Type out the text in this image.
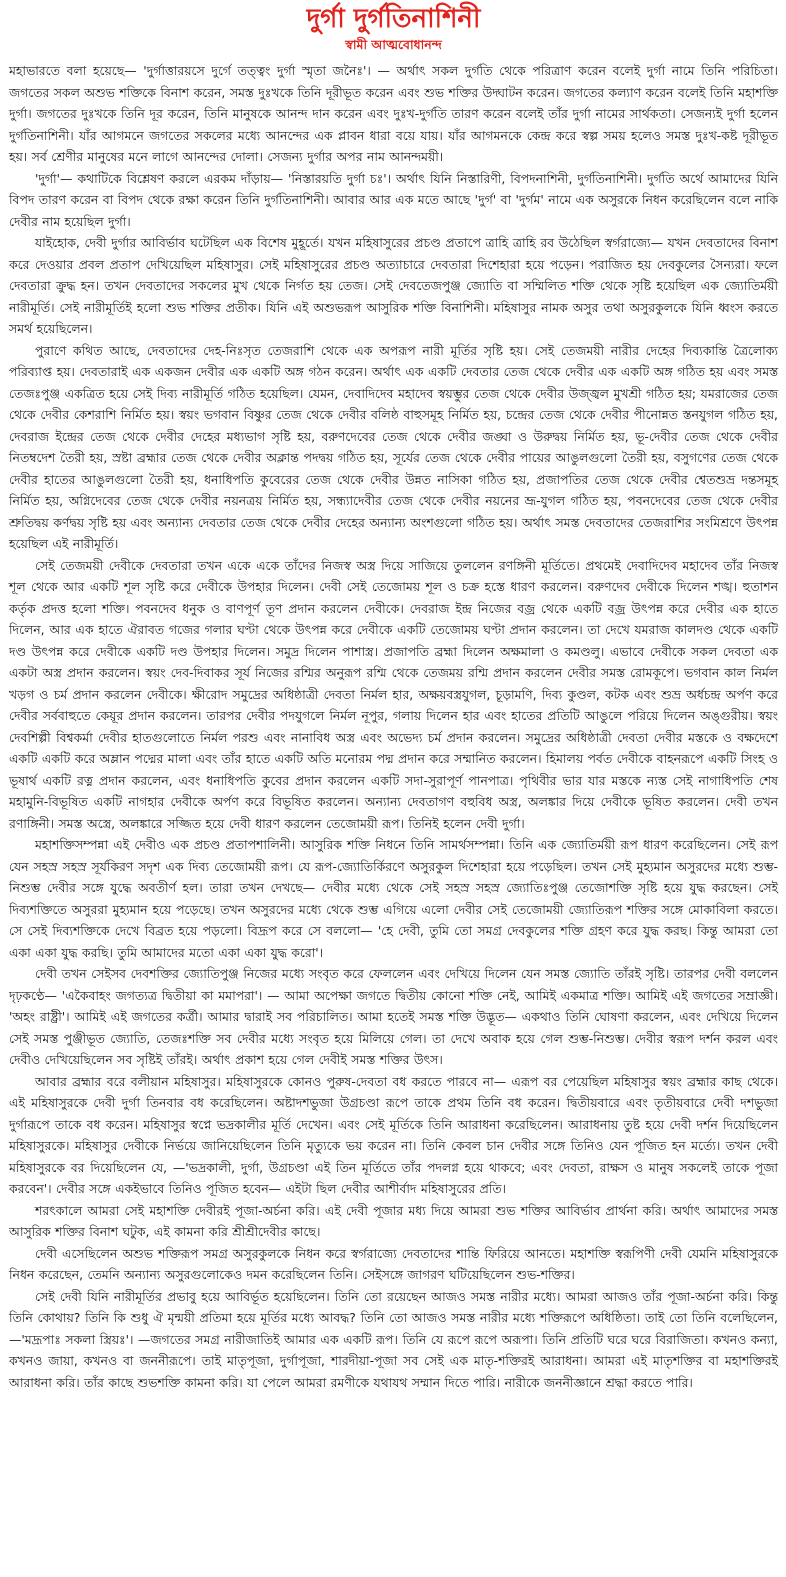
দুর্গা দুর্গতিনাশিনী
স্বামী আত্মবোধানন্দ

মহাভারতে বলা হয়েছে— 'দুর্গাত্তারয়সে দুর্গে তত্ত্বং দুর্গা স্মৃতা জনৈঃ'। — অর্থাৎ সকল দুর্গতি থেকে পরিত্রাণ করেন বলেই দুর্গা নামে তিনি পরিচিতা। জগতের সকল অশুভ শক্তিকে বিনাশ করেন, সমস্ত দুঃখকে তিনি দূরীভূত করেন এবং শুভ শক্তির উদ্ঘাটন করেন। জগতের কল্যাণ করেন বলেই তিনি মহাশক্তি দুর্গা। জগতের দুঃখকে তিনি দূর করেন, তিনি মানুষকে আনন্দ দান করেন এবং দুঃখ-দুর্গতি তারণ করেন বলেই তাঁর দুর্গা নামের সার্থকতা। সেজন্যই দুর্গা হলেন দুর্গতিনাশিনী। যাঁর আগমনে জগতের সকলের মধ্যে আনন্দের এক প্লাবন ধারা বয়ে যায়। যাঁর আগমনকে কেন্দ্র করে স্বল্প সময় হলেও সমস্ত দুঃখ-কষ্ট দূরীভূত হয়। সর্ব শ্রেণীর মানুষের মনে লাগে আনন্দের দোলা। সেজন্য দুর্গার অপর নাম আনন্দময়ী।

'দুর্গা'— কথাটিকে বিশ্লেষণ করলে এরকম দাঁড়ায়— 'নিস্তারয়তি দুর্গা চঃ'। অর্থাৎ যিনি নিস্তারিণী, বিপদনাশিনী, দুর্গতিনাশিনী। দুর্গতি অর্থে আমাদের যিনি বিপদ তারণ করেন বা বিপদ থেকে রক্ষা করেন তিনি দুর্গতিনাশিনী। আবার আর এক মতে আছে 'দুর্গ' বা 'দুর্গম' নামে এক অসুরকে নিধন করেছিলেন বলে নাকি দেবীর নাম হয়েছিল দুর্গা।

যাইহোক, দেবী দুর্গার আবির্ভাব ঘটেছিল এক বিশেষ মুহূর্তে। যখন মহিষাসুরের প্রচণ্ড প্রতাপে ত্রাহি ত্রাহি রব উঠেছিল স্বর্গরাজ্যে— যখন দেবতাদের বিনাশ করে দেওয়ার প্রবল প্রতাপ দেখিয়েছিল মহিষাসুর। সেই মহিষাসুরের প্রচণ্ড অত্যাচারে দেবতারা দিশেহারা হয়ে পড়েন। পরাজিত হয় দেবকুলের সৈন্যরা। ফলে দেবতারা ক্রুদ্ধ হন। তখন দেবতাদের সকলের মুখ থেকে নির্গত হয় তেজ। সেই দেবতেজপুঞ্জ জ্যোতি বা সম্মিলিত শক্তি থেকে সৃষ্টি হয়েছিল এক জ্যোতির্ময়ী নারীমূর্তি। সেই নারীমূর্তিই হলো শুভ শক্তির প্রতীক। যিনি এই অশুভরূপ আসুরিক শক্তি বিনাশিনী। মহিষাসুর নামক অসুর তথা অসুরকুলকে যিনি ধ্বংস করতে সমর্থ হয়েছিলেন।

পুরাণে কথিত আছে, দেবতাদের দেহ-নিঃসৃত তেজরাশি থেকে এক অপরূপ নারী মূর্তির সৃষ্টি হয়। সেই তেজময়ী নারীর দেহের দিব্যকান্তি ত্রৈলোক্য পরিব্যাপ্ত হয়। দেবতারাই এক একজন দেবীর এক একটি অঙ্গ গঠন করেন। অর্থাৎ এক একটি দেবতার তেজ থেকে দেবীর এক একটি অঙ্গ গঠিত হয় এবং সমস্ত তেজঃপুঞ্জ একত্রিত হয়ে সেই দিব্য নারীমূর্তি গঠিত হয়েছিল। যেমন, দেবাদিদেব মহাদেব স্বয়ম্ভুর তেজ থেকে দেবীর উজ্জ্বল মুখশ্রী গঠিত হয়; যমরাজের তেজ থেকে দেবীর কেশরাশি নির্মিত হয়। স্বয়ং ভগবান বিষ্ণুর তেজ থেকে দেবীর বলিষ্ঠ বাহুসমূহ নির্মিত হয়, চন্দ্রের তেজ থেকে দেবীর পীনোন্নত স্তনযুগল গঠিত হয়, দেবরাজ ইন্দ্রের তেজ থেকে দেবীর দেহের মধ্যভাগ সৃষ্টি হয়, বরুণদেবের তেজ থেকে দেবীর জঙ্ঘা ও উরুদ্বয় নির্মিত হয়, ভূ-দেবীর তেজ থেকে দেবীর নিতম্বদেশ তৈরী হয়, স্রষ্টা ব্রহ্মার তেজ থেকে দেবীর অক্লান্ত পদদ্বয় গঠিত হয়, সূর্যের তেজ থেকে দেবীর পায়ের আঙুলগুলো তৈরী হয়, বসুগণের তেজ থেকে দেবীর হাতের আঙুলগুলো তৈরী হয়, ধনাধিপতি কুবেরের তেজ থেকে দেবীর উন্নত নাসিকা গঠিত হয়, প্রজাপতির তেজ থেকে দেবীর শ্বেতশুভ্র দন্তসমূহ নির্মিত হয়, অগ্নিদেবের তেজ থেকে দেবীর নয়নত্রয় নির্মিত হয়, সন্ধ্যাদেবীর তেজ থেকে দেবীর নয়নের ভ্রূ-যুগল গঠিত হয়, পবনদেবের তেজ থেকে দেবীর শ্রুতিদ্বয় কর্ণদ্বয় সৃষ্টি হয় এবং অন্যান্য দেবতার তেজ থেকে দেবীর দেহের অন্যান্য অংশগুলো গঠিত হয়। অর্থাৎ সমস্ত দেবতাদের তেজরাশির সংমিশ্রণে উৎপন্ন হয়েছিল এই নারীমূর্তি।

সেই তেজময়ী দেবীকে দেবতারা তখন একে একে তাঁদের নিজস্ব অস্ত্র দিয়ে সাজিয়ে তুললেন রণঙ্গিনী মূর্তিতে। প্রথমেই দেবাদিদেব মহাদেব তাঁর নিজস্ব শূল থেকে আর একটি শূল সৃষ্টি করে দেবীকে উপহার দিলেন। দেবী সেই তেজোময় শূল ও চক্র হস্তে ধারণ করলেন। বরুণদেব দেবীকে দিলেন শঙ্খ। হুতাশন কর্তৃক প্রদত্ত হলো শক্তি। পবনদেব ধনুক ও বাণপূর্ণ তূণ প্রদান করলেন দেবীকে। দেবরাজ ইন্দ্র নিজের বজ্র থেকে একটি বজ্র উৎপন্ন করে দেবীর এক হাতে দিলেন, আর এক হাতে ঐরাবত গজের গলার ঘণ্টা থেকে উৎপন্ন করে দেবীকে একটি তেজোময় ঘণ্টা প্রদান করলেন। তা দেখে যমরাজ কালদণ্ড থেকে একটি দণ্ড উৎপন্ন করে দেবীকে একটি দণ্ড উপহার দিলেন। সমুদ্র দিলেন পাশাস্ত্র। প্রজাপতি ব্রহ্মা দিলেন অক্ষমালা ও কমণ্ডলু। এভাবে দেবীকে সকল দেবতা এক একটা অস্ত্র প্রদান করলেন। স্বয়ং দেব-দিবাকর সূর্য নিজের রশ্মির অনুরূপ রশ্মি থেকে তেজময় রশ্মি প্রদান করলেন দেবীর সমস্ত রোমকূপে। ভগবান কাল নির্মল খড়গ ও চর্ম প্রদান করলেন দেবীকে। ক্ষীরোদ সমুদ্রের অধিষ্ঠাত্রী দেবতা নির্মল হার, অক্ষয়বস্ত্রযুগল, চূড়ামণি, দিব্য কুণ্ডল, কটক এবং শুভ্র অর্ধচন্দ্র অর্পণ করে দেবীর সর্ববাহুতে কেয়ূর প্রদান করলেন। তারপর দেবীর পদযুগলে নির্মল নূপুর, গলায় দিলেন হার এবং হাতের প্রতিটি আঙুলে পরিয়ে দিলেন অঙ্গুরীয়। স্বয়ং দেবশিল্পী বিশ্বকর্মা দেবীর হাতগুলোতে নির্মল পরশু এবং নানাবিধ অস্ত্র এবং অভেদ্য চর্ম প্রদান করলেন। সমুদ্রের অধিষ্ঠাত্রী দেবতা দেবীর মস্তকে ও বক্ষদেশে একটি একটি করে অম্লান পদ্মের মালা এবং তাঁর হাতে একটি অতি মনোরম পদ্ম প্রদান করে সম্মানিত করলেন। হিমালয় পর্বত দেবীকে বাহনরূপে একটি সিংহ ও ভূষার্থ একটি রত্ন প্রদান করলেন, এবং ধনাধিপতি কুবের প্রদান করলেন একটি সদা-সুরাপূর্ণ পানপাত্র। পৃথিবীর ভার যার মস্তকে ন্যস্ত সেই নাগাধিপতি শেষ মহামুনি-বিভূষিত একটি নাগহার দেবীকে অর্পণ করে বিভূষিত করলেন। অন্যান্য দেবতাগণ বহুবিধ অস্ত্র, অলঙ্কার দিয়ে দেবীকে ভূষিত করলেন। দেবী তখন রণাঙ্গিনী। সমস্ত অস্ত্রে, অলঙ্কারে সজ্জিত হয়ে দেবী ধারণ করলেন তেজোময়ী রূপ। তিনিই হলেন দেবী দুর্গা।

মহাশক্তিসম্পন্না এই দেবীও এক প্রচণ্ড প্রতাপশালিনী। আসুরিক শক্তি নিধনে তিনি সামর্থসম্পন্না। তিনি এক জ্যোতির্ময়ী রূপ ধারণ করেছিলেন। সেই রূপ যেন সহস্র সহস্র সূর্যকিরণ সদৃশ এক দিব্য তেজোময়ী রূপ। যে রূপ-জ্যোতির্কিরণে অসুরকুল দিশেহারা হয়ে পড়েছিল। তখন সেই মুহ্যমান অসুরদের মধ্যে শুম্ভ-নিশুম্ভ দেবীর সঙ্গে যুদ্ধে অবতীর্ণ হল। তারা তখন দেখছে— দেবীর মধ্যে থেকে সেই সহস্র সহস্র জ্যোতিঃপুঞ্জ তেজোশক্তি সৃষ্টি হয়ে যুদ্ধ করছেন। সেই দিব্যশক্তিতে অসুররা মুহ্যমান হয়ে পড়েছে। তখন অসুরদের মধ্যে থেকে শুম্ভ এগিয়ে এলো দেবীর সেই তেজোময়ী জ্যোতিরূপ শক্তির সঙ্গে মোকাবিলা করতে। সে সেই দিব্যশক্তিকে দেখে বিব্রত হয়ে পড়লো। বিদ্রূপ করে সে বললো— 'হে দেবী, তুমি তো সমগ্র দেবকুলের শক্তি গ্রহণ করে যুদ্ধ করছ। কিন্তু আমরা তো একা একা যুদ্ধ করছি। তুমি আমাদের মতো একা একা যুদ্ধ করো'।

দেবী তখন সেইসব দেবশক্তির জ্যোতিপুঞ্জ নিজের মধ্যে সংবৃত করে ফেললেন এবং দেখিয়ে দিলেন যেন সমস্ত জ্যোতি তাঁরই সৃষ্টি। তারপর দেবী বললেন দৃঢ়কণ্ঠে— 'একৈবাহং জগত্যত্র দ্বিতীয়া কা মমাপরা'। — আমা অপেক্ষা জগতে দ্বিতীয় কোনো শক্তি নেই, আমিই একমাত্র শক্তি। আমিই এই জগতের সম্রাজ্ঞী। 'অহং রাষ্ট্রী'। আমিই এই জগতের কর্ত্রী। আমার দ্বারাই সব পরিচালিত। আমা হতেই সমস্ত শক্তি উদ্ভূত— একথাও তিনি ঘোষণা করলেন, এবং দেখিয়ে দিলেন সেই সমস্ত পুঞ্জীভূত জ্যোতি, তেজঃশক্তি সব দেবীর মধ্যে সংবৃত হয়ে মিলিয়ে গেল। তা দেখে অবাক হয়ে গেল শুম্ভ-নিশুম্ভ। দেবীর স্বরূপ দর্শন করল এবং দেবীও দেখিয়েছিলেন সব সৃষ্টিই তাঁরই। অর্থাৎ প্রকাশ হয়ে গেল দেবীই সমস্ত শক্তির উৎস।

আবার ব্রহ্মার বরে বলীয়ান মহিষাসুর। মহিষাসুরকে কোনও পুরুষ-দেবতা বধ করতে পারবে না— এরূপ বর পেয়েছিল মহিষাসুর স্বয়ং ব্রহ্মার কাছ থেকে। এই মহিষাসুরকে দেবী দুর্গা তিনবার বধ করেছিলেন। অষ্টাদশভুজা উগ্রচণ্ডা রূপে তাকে প্রথম তিনি বধ করেন। দ্বিতীয়বারে এবং তৃতীয়বারে দেবী দশভুজা দুর্গারূপে তাকে বধ করেন। মহিষাসুর স্বপ্নে ভদ্রকালীর মূর্তি দেখেন। এবং সেই মূর্তিকে তিনি আরাধনা করেছিলেন। আরাধনায় তুষ্ট হয়ে দেবী দর্শন দিয়েছিলেন মহিষাসুরকে। মহিষাসুর দেবীকে নির্ভয়ে জানিয়েছিলেন তিনি মৃত্যুকে ভয় করেন না। তিনি কেবল চান দেবীর সঙ্গে তিনিও যেন পূজিত হন মর্ত্যে। তখন দেবী মহিষাসুরকে বর দিয়েছিলেন যে, —'ভদ্রকালী, দুর্গা, উগ্রচণ্ডা এই তিন মূর্তিতে তাঁর পদলগ্ন হয়ে থাকবে; এবং দেবতা, রাক্ষস ও মানুষ সকলেই তাকে পূজা করবেন'। দেবীর সঙ্গে একইভাবে তিনিও পূজিত হবেন— এইটা ছিল দেবীর আশীর্বাদ মহিষাসুরের প্রতি।

শরৎকালে আমরা সেই মহাশক্তি দেবীরই পূজা-অর্চনা করি। এই দেবী পূজার মধ্য দিয়ে আমরা শুভ শক্তির আবির্ভাব প্রার্থনা করি। অর্থাৎ আমাদের সমস্ত আসুরিক শক্তির বিনাশ ঘটুক, এই কামনা করি শ্রীশ্রীদেবীর কাছে।

দেবী এসেছিলেন অশুভ শক্তিরূপ সমগ্র অসুরকুলকে নিধন করে স্বর্গরাজ্যে দেবতাদের শান্তি ফিরিয়ে আনতে। মহাশক্তি স্বরূপিণী দেবী যেমনি মহিষাসুরকে নিধন করেছেন, তেমনি অন্যান্য অসুরগুলোকেও দমন করেছিলেন তিনি। সেইসঙ্গে জাগরণ ঘটিয়েছিলেন শুভ-শক্তির।

সেই দেবী যিনি নারীমূর্তির প্রভাবু হয়ে আবির্ভূত হয়েছিলেন। তিনি তো রয়েছেন আজও সমস্ত নারীর মধ্যে। আমরা আজও তাঁর পূজা-অর্চনা করি। কিন্তু তিনি কোথায়? তিনি কি শুধু ঐ মৃন্ময়ী প্রতিমা হয়ে মূর্তির মধ্যে আবদ্ধ? তিনি তো আজও সমস্ত নারীর মধ্যে শক্তিরূপে অধিষ্ঠিতা। তাই তো তিনি বলেছিলেন, —'মদ্রূপাঃ সকলা স্ত্রিয়ঃ'। —জগতের সমগ্র নারীজাতিই আমার এক একটি রূপ। তিনি যে রূপে রূপে অরূপা। তিনি প্রতিটি ঘরে ঘরে বিরাজিতা। কখনও কন্যা, কখনও জায়া, কখনও বা জননীরূপে। তাই মাতৃপূজা, দুর্গাপূজা, শারদীয়া-পূজা সব সেই এক মাতৃ-শক্তিরই আরাধনা। আমরা এই মাতৃশক্তির বা মহাশক্তিরই আরাধনা করি। তাঁর কাছে শুভশক্তি কামনা করি। যা পেলে আমরা রমণীকে যথাযথ সম্মান দিতে পারি। নারীকে জননীজ্ঞানে শ্রদ্ধা করতে পারি।
